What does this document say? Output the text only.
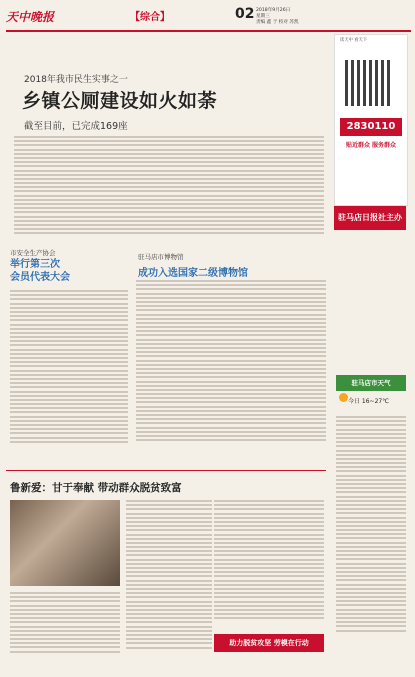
天中晚报	【综合】	02 2018年9月26日
星期三
责编 鑫 于 校对 苏凯
2018年我市民生实事之一
乡镇公厕建设如火如荼
截至目前，已完成169座
读天中 看天下
2830110
贴近群众 服务群众
驻马店日报社主办
市安全生产协会
举行第三次
会员代表大会
驻马店市博物馆
成功入选国家二级博物馆
驻马店市天气
今日 16~27℃
鲁新爱：甘于奉献 带动群众脱贫致富
助力脱贫攻坚 劳模在行动
